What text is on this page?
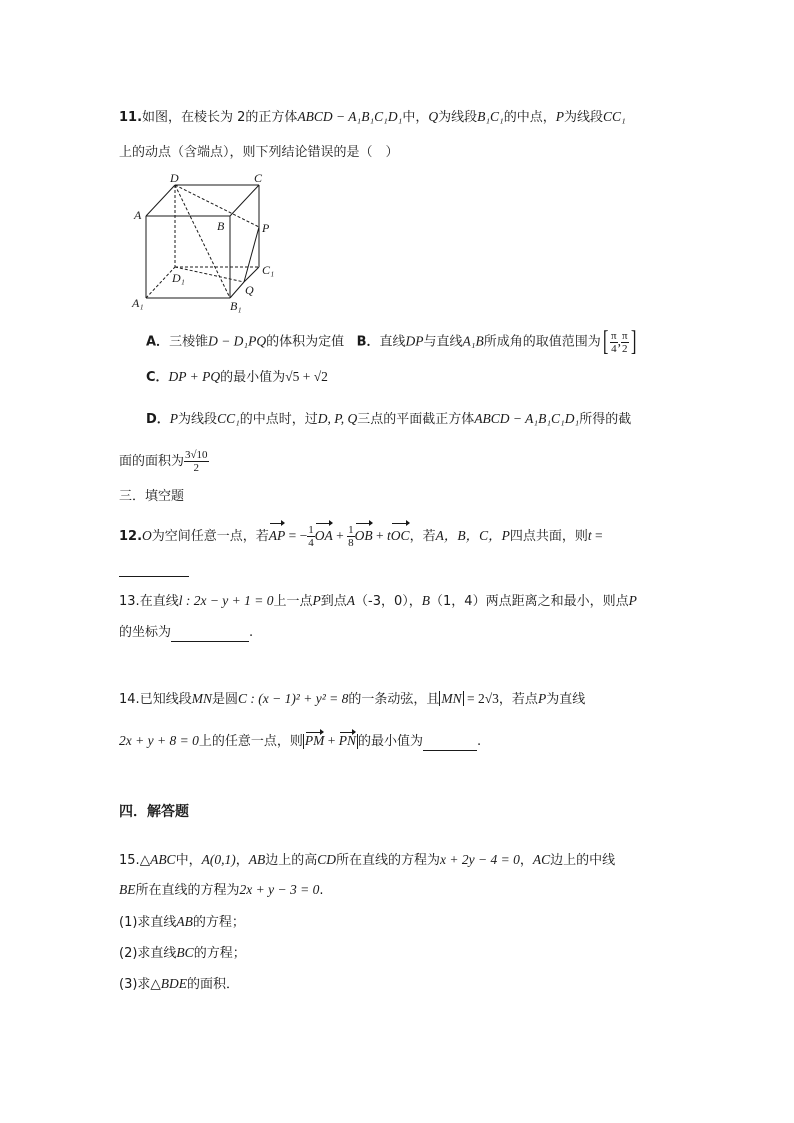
11.如图，在棱长为 2的正方体ABCD − A₁B₁C₁D₁中，Q为线段B₁C₁的中点，P为线段CC₁
上的动点（含端点），则下列结论错误的是（　）
D	C
A
B	P
C₁
D₁
A₁	B₁
Q
A．三棱锥D − D₁PQ的体积为定值 B．直线DP与直线A₁B所成角的取值范围为[ $\frac{\pi}{4}$ , $\frac{\pi}{2}$ ]
C．DP + PQ的最小值为√5 + √2
D．P为线段CC₁的中点时，过D, P, Q三点的平面截正方体ABCD − A₁B₁C₁D₁所得的截
面的面积为 $\frac{3√10}{2}$
三．填空题
12.O为空间任意一点，若AP = − $\frac{1}{4}$ OA + $\frac{1}{8}$ OB + tOC，若A，B，C，P四点共面，则t =
13.在直线l : 2x − y + 1 = 0上一点P到点A（-3，0），B（1，4）两点距离之和最小，则点P
的坐标为	.
14.已知线段MN是圆C : (x − 1)² + y² = 8的一条动弦，且 MN = 2√3，若点P为直线
2x + y + 8 = 0上的任意一点，则 PM + PN 的最小值为	.
四．解答题
15.△ABC中，A(0,1)，AB边上的高CD所在直线的方程为x + 2y − 4 = 0，AC边上的中线
BE所在直线的方程为2x + y − 3 = 0.
(1)求直线AB的方程；
(2)求直线BC的方程；
(3)求△BDE的面积．
